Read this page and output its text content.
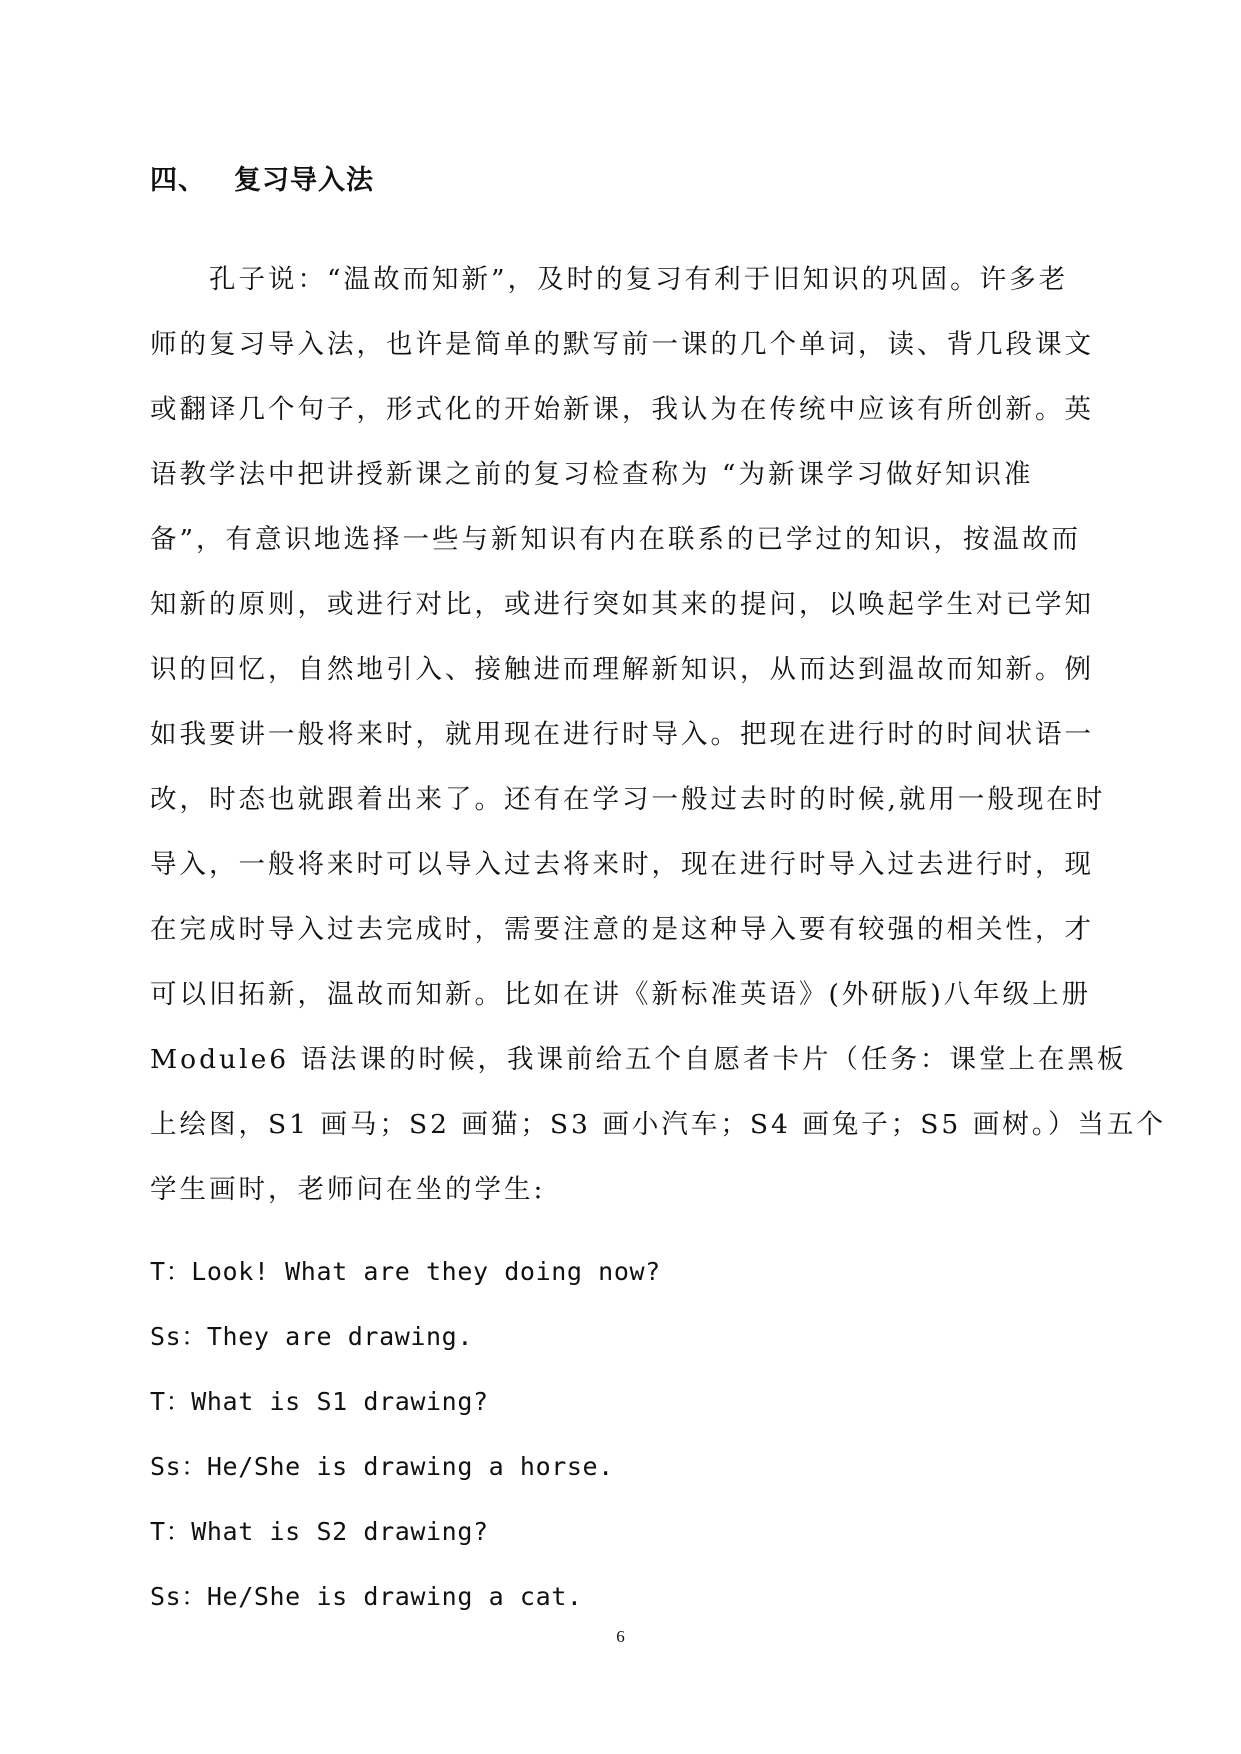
四、 复习导入法
孔子说：“温故而知新”，及时的复习有利于旧知识的巩固。许多老
师的复习导入法，也许是简单的默写前一课的几个单词，读、背几段课文
或翻译几个句子，形式化的开始新课，我认为在传统中应该有所创新。英
语教学法中把讲授新课之前的复习检查称为 “为新课学习做好知识准
备”，有意识地选择一些与新知识有内在联系的已学过的知识，按温故而
知新的原则，或进行对比，或进行突如其来的提问，以唤起学生对已学知
识的回忆，自然地引入、接触进而理解新知识，从而达到温故而知新。例
如我要讲一般将来时，就用现在进行时导入。把现在进行时的时间状语一
改，时态也就跟着出来了。还有在学习一般过去时的时候,就用一般现在时
导入，一般将来时可以导入过去将来时，现在进行时导入过去进行时，现
在完成时导入过去完成时，需要注意的是这种导入要有较强的相关性，才
可以旧拓新，温故而知新。比如在讲《新标准英语》(外研版)八年级上册
Module6 语法课的时候，我课前给五个自愿者卡片（任务：课堂上在黑板
上绘图，S1 画马；S2 画猫；S3 画小汽车；S4 画兔子；S5 画树。）当五个
学生画时，老师问在坐的学生:
T：Look! What are they doing now?
Ss：They are drawing.
T：What is S1 drawing?
Ss：He/She is drawing a horse.
T：What is S2 drawing?
Ss：He/She is drawing a cat.
6
